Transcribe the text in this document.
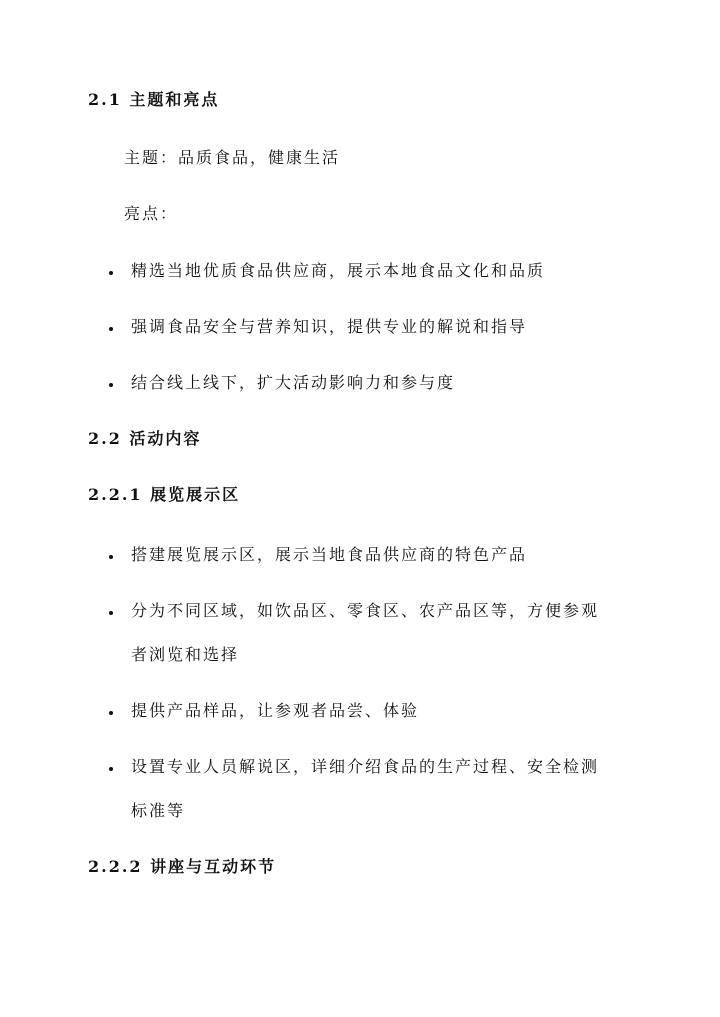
2.1 主题和亮点
主题：品质食品，健康生活
亮点：
精选当地优质食品供应商，展示本地食品文化和品质
强调食品安全与营养知识，提供专业的解说和指导
结合线上线下，扩大活动影响力和参与度
2.2 活动内容
2.2.1 展览展示区
搭建展览展示区，展示当地食品供应商的特色产品
分为不同区域，如饮品区、零食区、农产品区等，方便参观
者浏览和选择
提供产品样品，让参观者品尝、体验
设置专业人员解说区，详细介绍食品的生产过程、安全检测
标准等
2.2.2 讲座与互动环节
